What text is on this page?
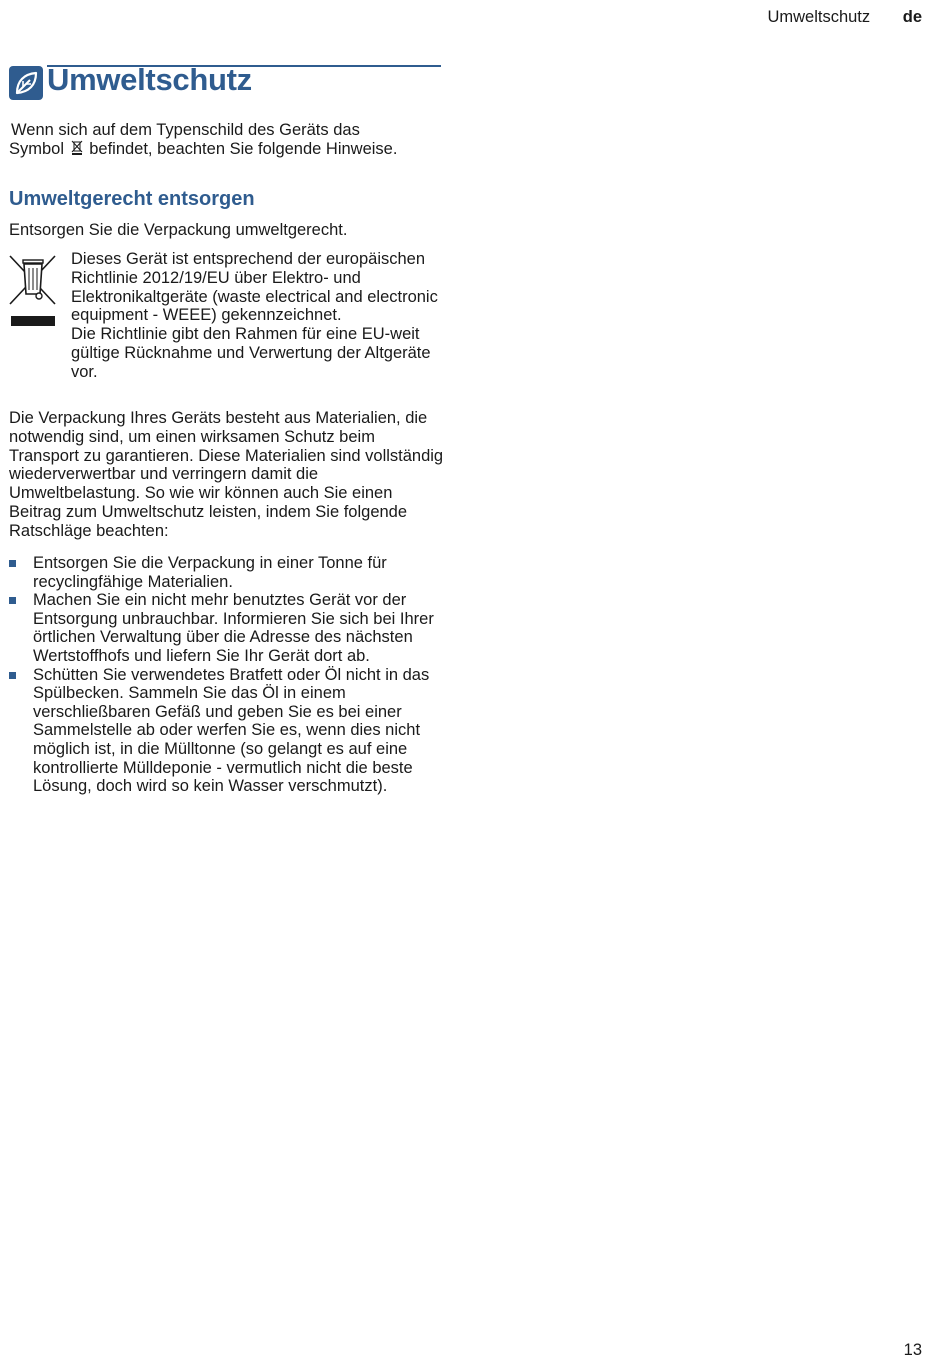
Umweltschutz de
Umweltschutz
Wenn sich auf dem Typenschild des Geräts das
Symbol befindet, beachten Sie folgende Hinweise.
Umweltgerecht entsorgen
Entsorgen Sie die Verpackung umweltgerecht.

Dieses Gerät ist entsprechend der europäischen Richtlinie 2012/19/EU über Elektro- und Elektronikaltgeräte (waste electrical and electronic equipment - WEEE) gekennzeichnet.

Die Richtlinie gibt den Rahmen für eine EU-weit gültige Rücknahme und Verwertung der Altgeräte vor.

Die Verpackung Ihres Geräts besteht aus Materialien, die notwendig sind, um einen wirksamen Schutz beim Transport zu garantieren. Diese Materialien sind vollständig wiederverwertbar und verringern damit die Umweltbelastung. So wie wir können auch Sie einen Beitrag zum Umweltschutz leisten, indem Sie folgende Ratschläge beachten:

Entsorgen Sie die Verpackung in einer Tonne für recyclingfähige Materialien.
Machen Sie ein nicht mehr benutztes Gerät vor der Entsorgung unbrauchbar. Informieren Sie sich bei Ihrer örtlichen Verwaltung über die Adresse des nächsten Wertstoffhofs und liefern Sie Ihr Gerät dort ab.
Schütten Sie verwendetes Bratfett oder Öl nicht in das Spülbecken. Sammeln Sie das Öl in einem verschließbaren Gefäß und geben Sie es bei einer Sammelstelle ab oder werfen Sie es, wenn dies nicht möglich ist, in die Mülltonne (so gelangt es auf eine kontrollierte Mülldeponie - vermutlich nicht die beste Lösung, doch wird so kein Wasser verschmutzt).
13
